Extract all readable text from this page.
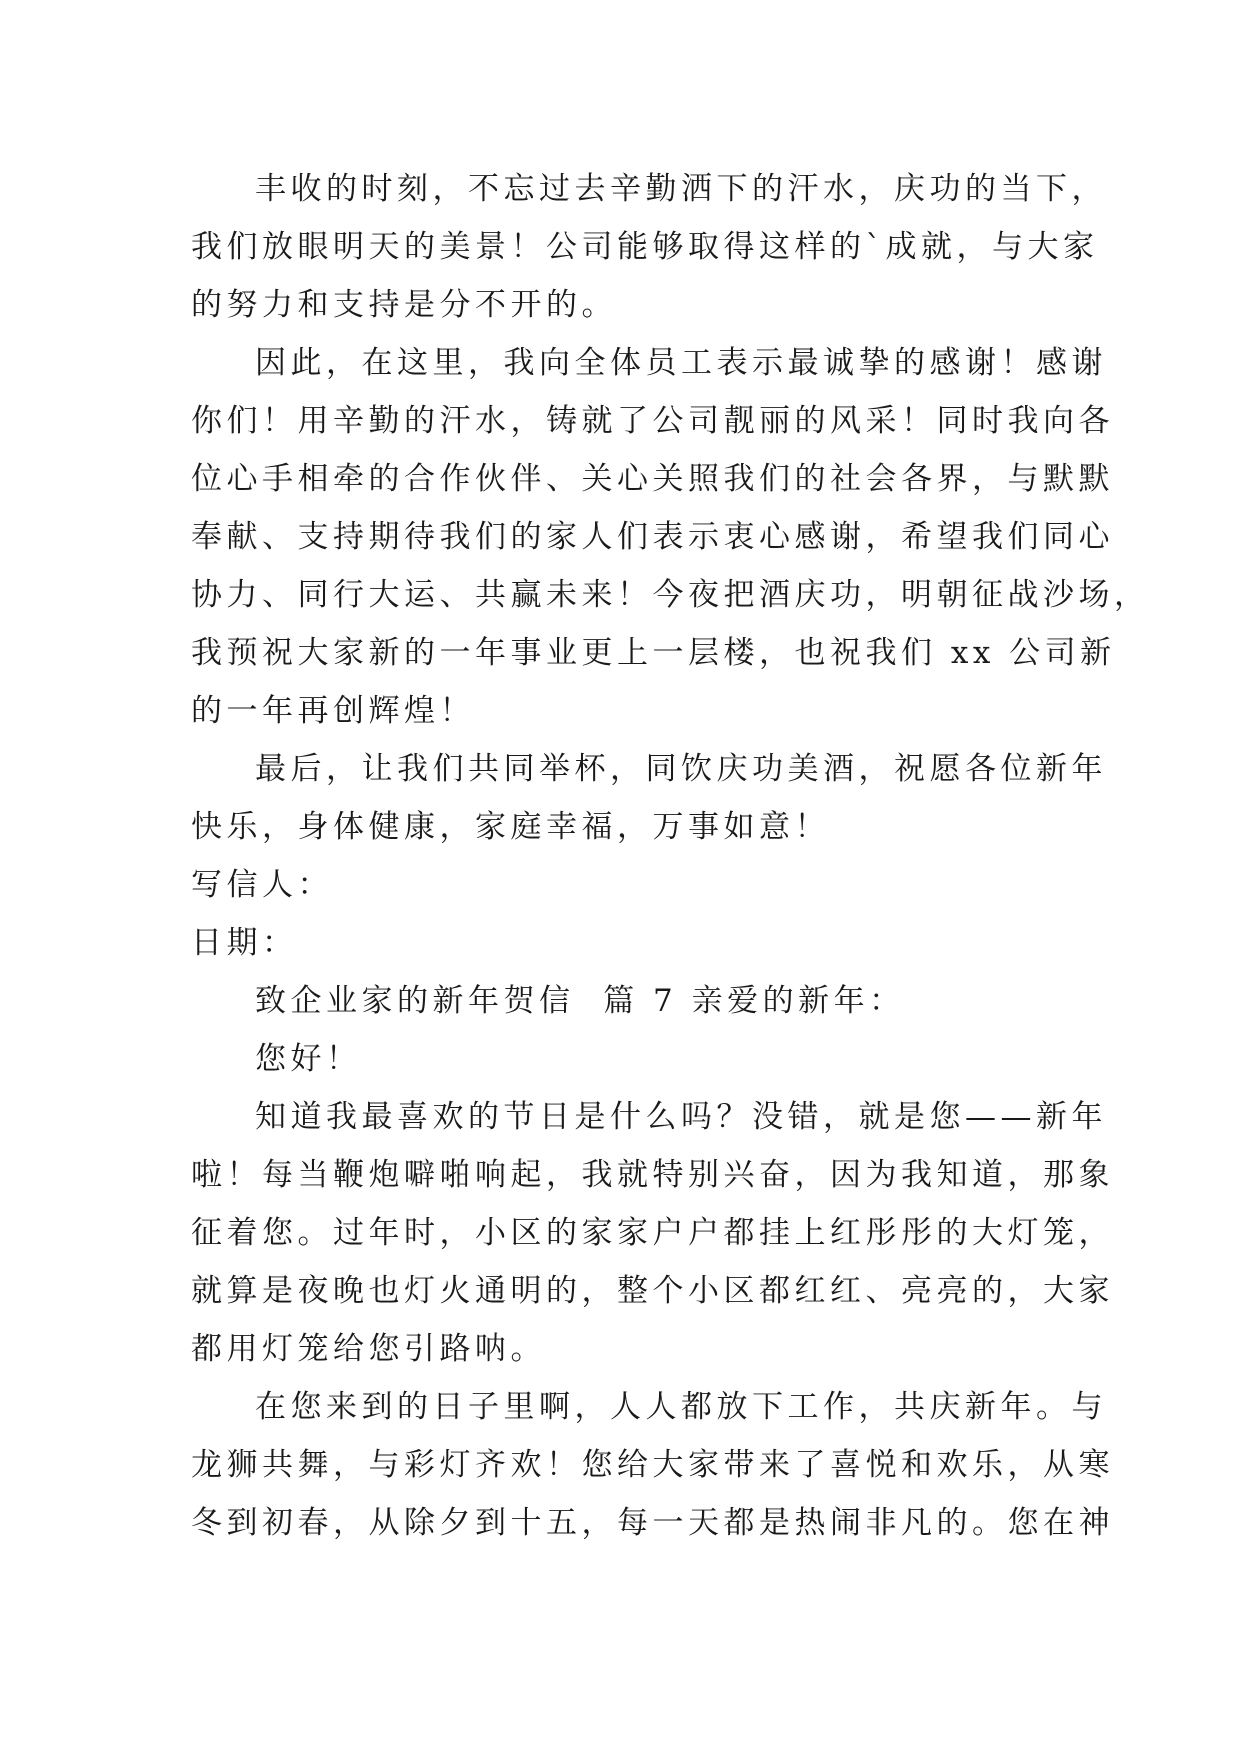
丰收的时刻，不忘过去辛勤洒下的汗水，庆功的当下，
我们放眼明天的美景！公司能够取得这样的`成就，与大家
的努力和支持是分不开的。
因此，在这里，我向全体员工表示最诚挚的感谢！感谢
你们！用辛勤的汗水，铸就了公司靓丽的风采！同时我向各
位心手相牵的合作伙伴、关心关照我们的社会各界，与默默
奉献、支持期待我们的家人们表示衷心感谢，希望我们同心
协力、同行大运、共赢未来！今夜把酒庆功，明朝征战沙场，
我预祝大家新的一年事业更上一层楼，也祝我们 xx 公司新
的一年再创辉煌！
最后，让我们共同举杯，同饮庆功美酒，祝愿各位新年
快乐，身体健康，家庭幸福，万事如意！
写信人：
日期：
致企业家的新年贺信  篇 7 亲爱的新年：
您好！
知道我最喜欢的节日是什么吗？没错，就是您——新年
啦！每当鞭炮噼啪响起，我就特别兴奋，因为我知道，那象
征着您。过年时，小区的家家户户都挂上红彤彤的大灯笼，
就算是夜晚也灯火通明的，整个小区都红红、亮亮的，大家
都用灯笼给您引路呐。
在您来到的日子里啊，人人都放下工作，共庆新年。与
龙狮共舞，与彩灯齐欢！您给大家带来了喜悦和欢乐，从寒
冬到初春，从除夕到十五，每一天都是热闹非凡的。您在神
